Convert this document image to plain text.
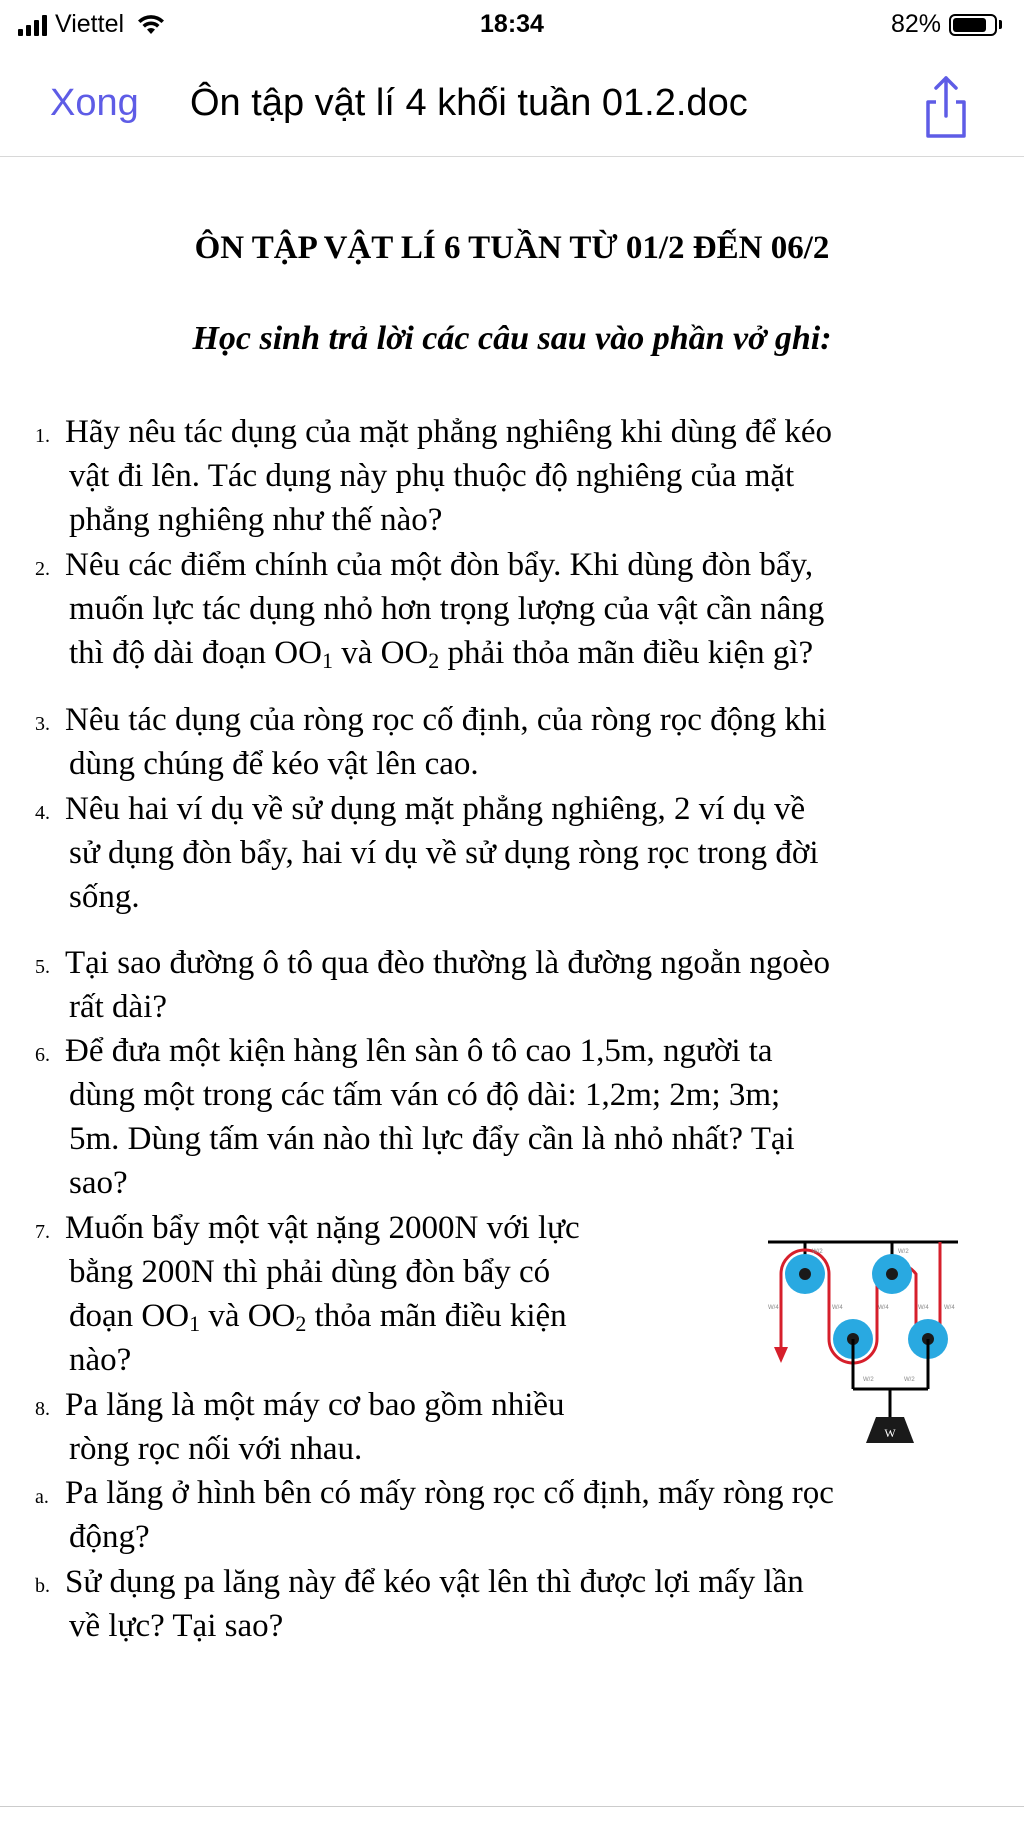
Viettel	18:34	82%
Xong Ôn tập vật lí 4 khối tuần 01.2.doc
ÔN TẬP VẬT LÍ 6 TUẦN TỪ 01/2 ĐẾN 06/2
Học sinh trả lời các câu sau vào phần vở ghi:
1. Hãy nêu tác dụng của mặt phẳng nghiêng khi dùng để kéo
vật đi lên. Tác dụng này phụ thuộc độ nghiêng của mặt
phẳng nghiêng như thế nào?
2. Nêu các điểm chính của một đòn bẩy. Khi dùng đòn bẩy,
muốn lực tác dụng nhỏ hơn trọng lượng của vật cần nâng
thì độ dài đoạn $OO_1$ và $OO_2$ phải thỏa mãn điều kiện gì?
3. Nêu tác dụng của ròng rọc cố định, của ròng rọc động khi
dùng chúng để kéo vật lên cao.
4. Nêu hai ví dụ về sử dụng mặt phẳng nghiêng, 2 ví dụ về
sử dụng đòn bẩy, hai ví dụ về sử dụng ròng rọc trong đời
sống.
5. Tại sao đường ô tô qua đèo thường là đường ngoằn ngoèo
rất dài?
6. Để đưa một kiện hàng lên sàn ô tô cao 1,5m, người ta
dùng một trong các tấm ván có độ dài: 1,2m; 2m; 3m;
5m. Dùng tấm ván nào thì lực đẩy cần là nhỏ nhất? Tại
sao?
7. Muốn bẩy một vật nặng 2000N với lực
bằng 200N thì phải dùng đòn bẩy có
đoạn $OO_1$ và $OO_2$ thỏa mãn điều kiện
nào?
8. Pa lăng là một máy cơ bao gồm nhiều
ròng rọc nối với nhau.
a. Pa lăng ở hình bên có mấy ròng rọc cố định, mấy ròng rọc
động?
b. Sử dụng pa lăng này để kéo vật lên thì được lợi mấy lần
về lực? Tại sao?
W
W/2	W/2
W/4	W/4	W/4	W/4	W/4
W/2	W/2
